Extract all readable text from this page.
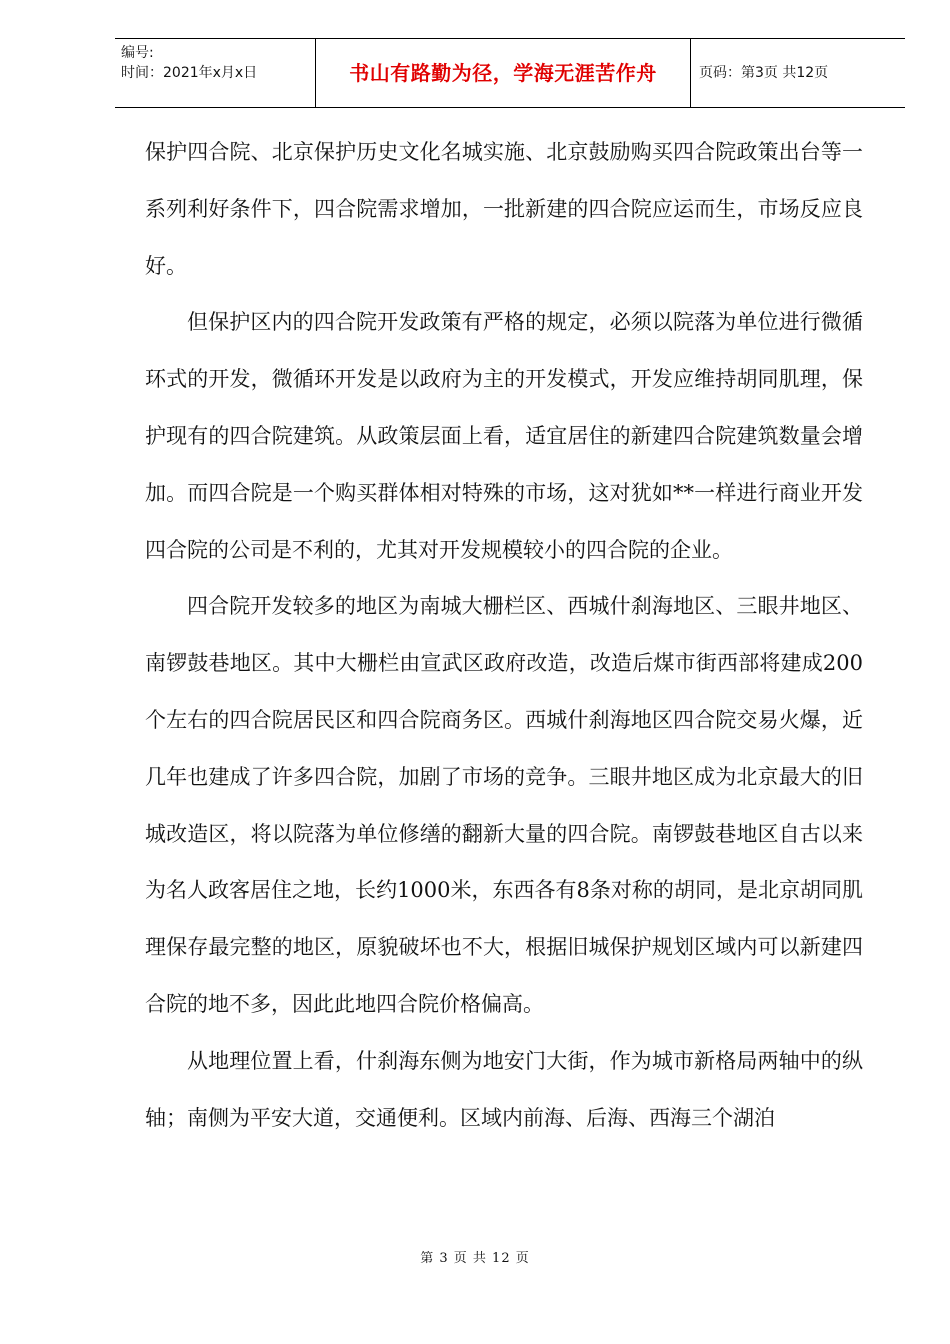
编号:
时间：2021年x月x日	书山有路勤为径，学海无涯苦作舟	页码：第3页 共12页

保护四合院、北京保护历史文化名城实施、北京鼓励购买四合院政策出台等一系列利好条件下，四合院需求增加，一批新建的四合院应运而生，市场反应良好。

但保护区内的四合院开发政策有严格的规定，必须以院落为单位进行微循环式的开发，微循环开发是以政府为主的开发模式，开发应维持胡同肌理，保护现有的四合院建筑。从政策层面上看，适宜居住的新建四合院建筑数量会增加。而四合院是一个购买群体相对特殊的市场，这对犹如**一样进行商业开发四合院的公司是不利的，尤其对开发规模较小的四合院的企业。

四合院开发较多的地区为南城大栅栏区、西城什刹海地区、三眼井地区、南锣鼓巷地区。其中大栅栏由宣武区政府改造，改造后煤市街西部将建成200个左右的四合院居民区和四合院商务区。西城什刹海地区四合院交易火爆，近几年也建成了许多四合院，加剧了市场的竞争。三眼井地区成为北京最大的旧城改造区，将以院落为单位修缮的翻新大量的四合院。南锣鼓巷地区自古以来为名人政客居住之地，长约1000米，东西各有8条对称的胡同，是北京胡同肌理保存最完整的地区，原貌破坏也不大，根据旧城保护规划区域内可以新建四合院的地不多，因此此地四合院价格偏高。

从地理位置上看，什刹海东侧为地安门大街，作为城市新格局两轴中的纵轴；南侧为平安大道，交通便利。区域内前海、后海、西海三个湖泊

第 3 页 共 12 页
